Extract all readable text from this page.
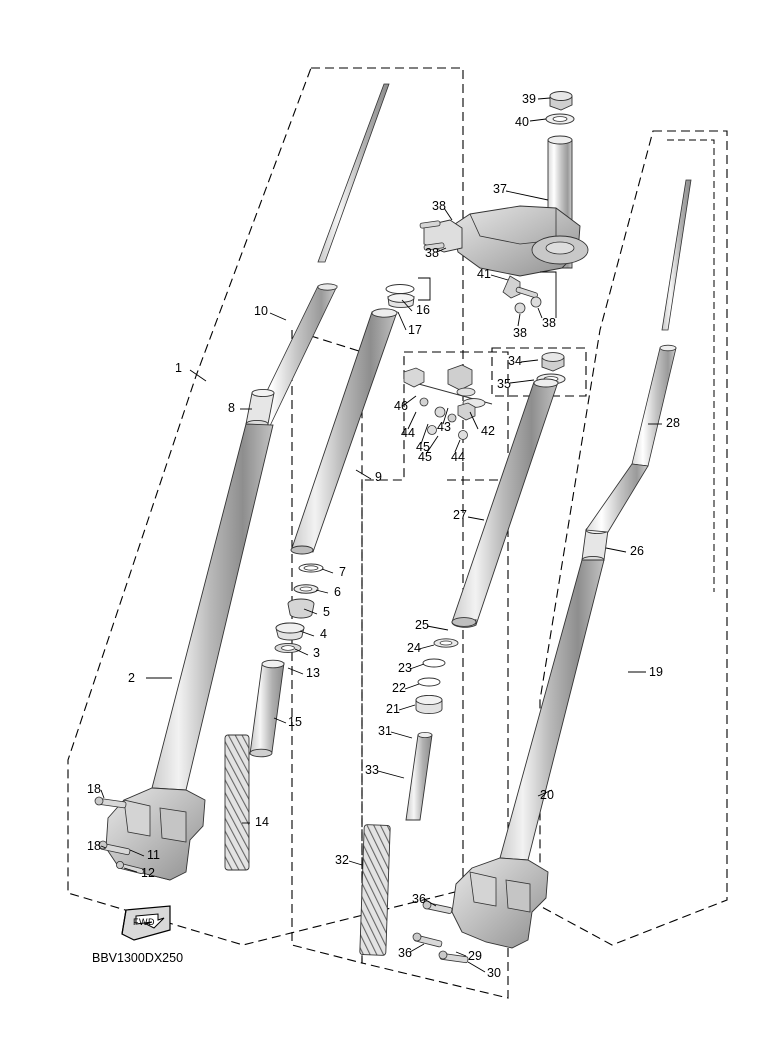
1
2
3
4
5
6
7
8
9
10
11
12
13
14
15
16
17
18
18
19
20
21
22
23
24
25
26
27
28
29
30
31
32
33
34
35
36
36
37
38
38
38
38
39
40
41
42
43
44
44
45
45
46
FWD
BBV1300DX250
